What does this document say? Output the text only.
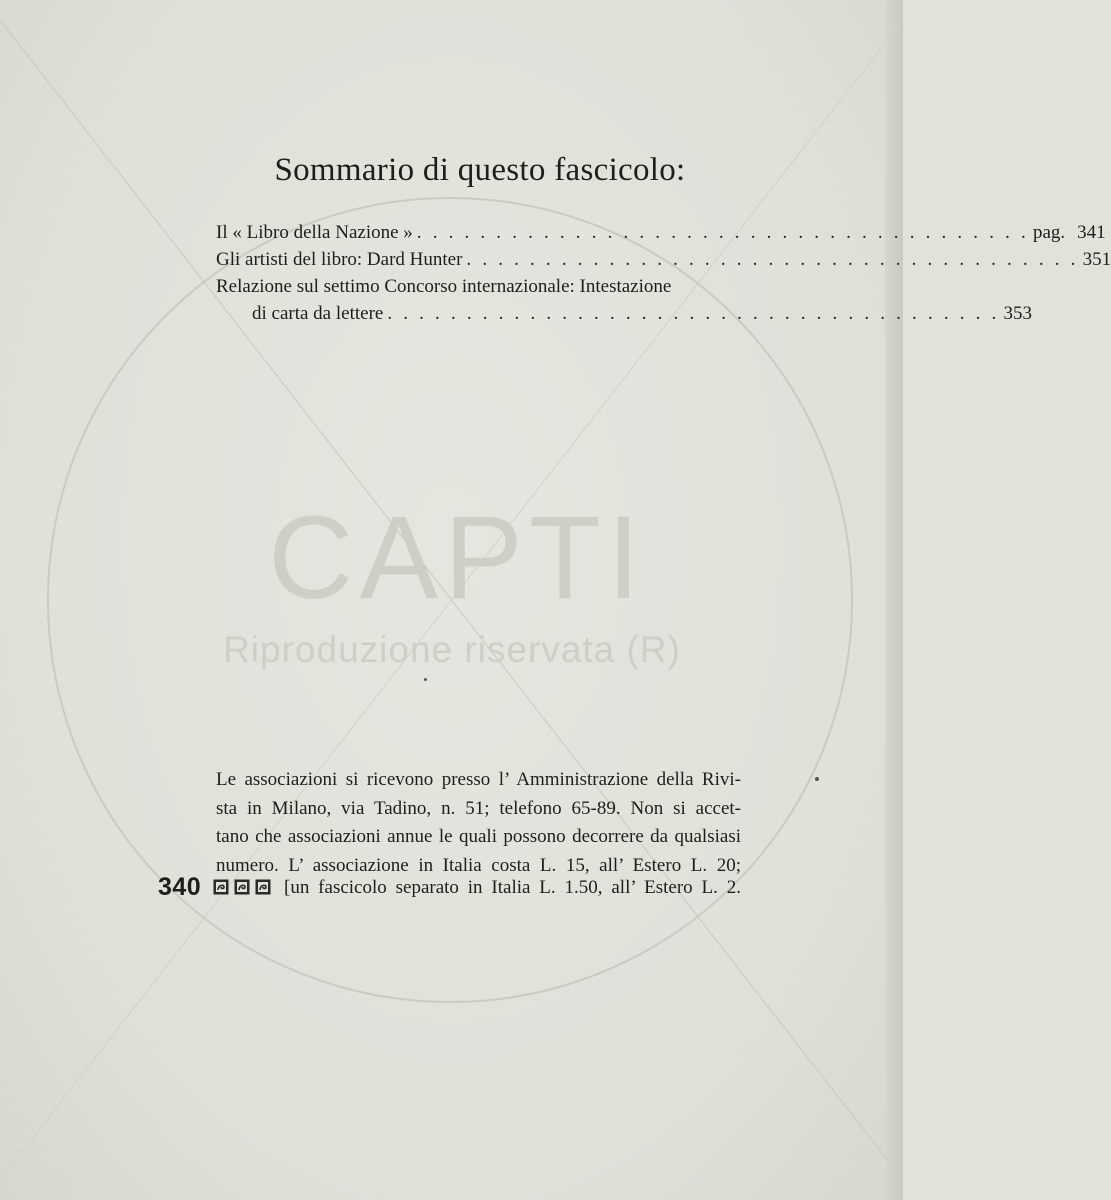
CAPTI
Riproduzione riservata (R)
Sommario di questo fascicolo:
Il « Libro della Nazione » . . . . . . . . . . . . . . . . . . . . . . . . . . . . . . . . . . . . . . . pag. 341
Gli artisti del libro: Dard Hunter . . . . . . . . . . . . . . . . . . . . . . . . . . . . . . . . . . . . . . . 351
Relazione sul settimo Concorso internazionale: Intestazione
di carta da lettere . . . . . . . . . . . . . . . . . . . . . . . . . . . . . . . . . . . . . . . 353
Le associazioni si ricevono presso l’ Amministrazione della Rivi-
sta in Milano, via Tadino, n. 51; telefono 65-89. Non si accet-
tano che associazioni annue le quali possono decorrere da qualsiasi
numero. L’ associazione in Italia costa L. 15, all’ Estero L. 20;
340	[un fascicolo separato in Italia L. 1.50, all’ Estero L. 2.
